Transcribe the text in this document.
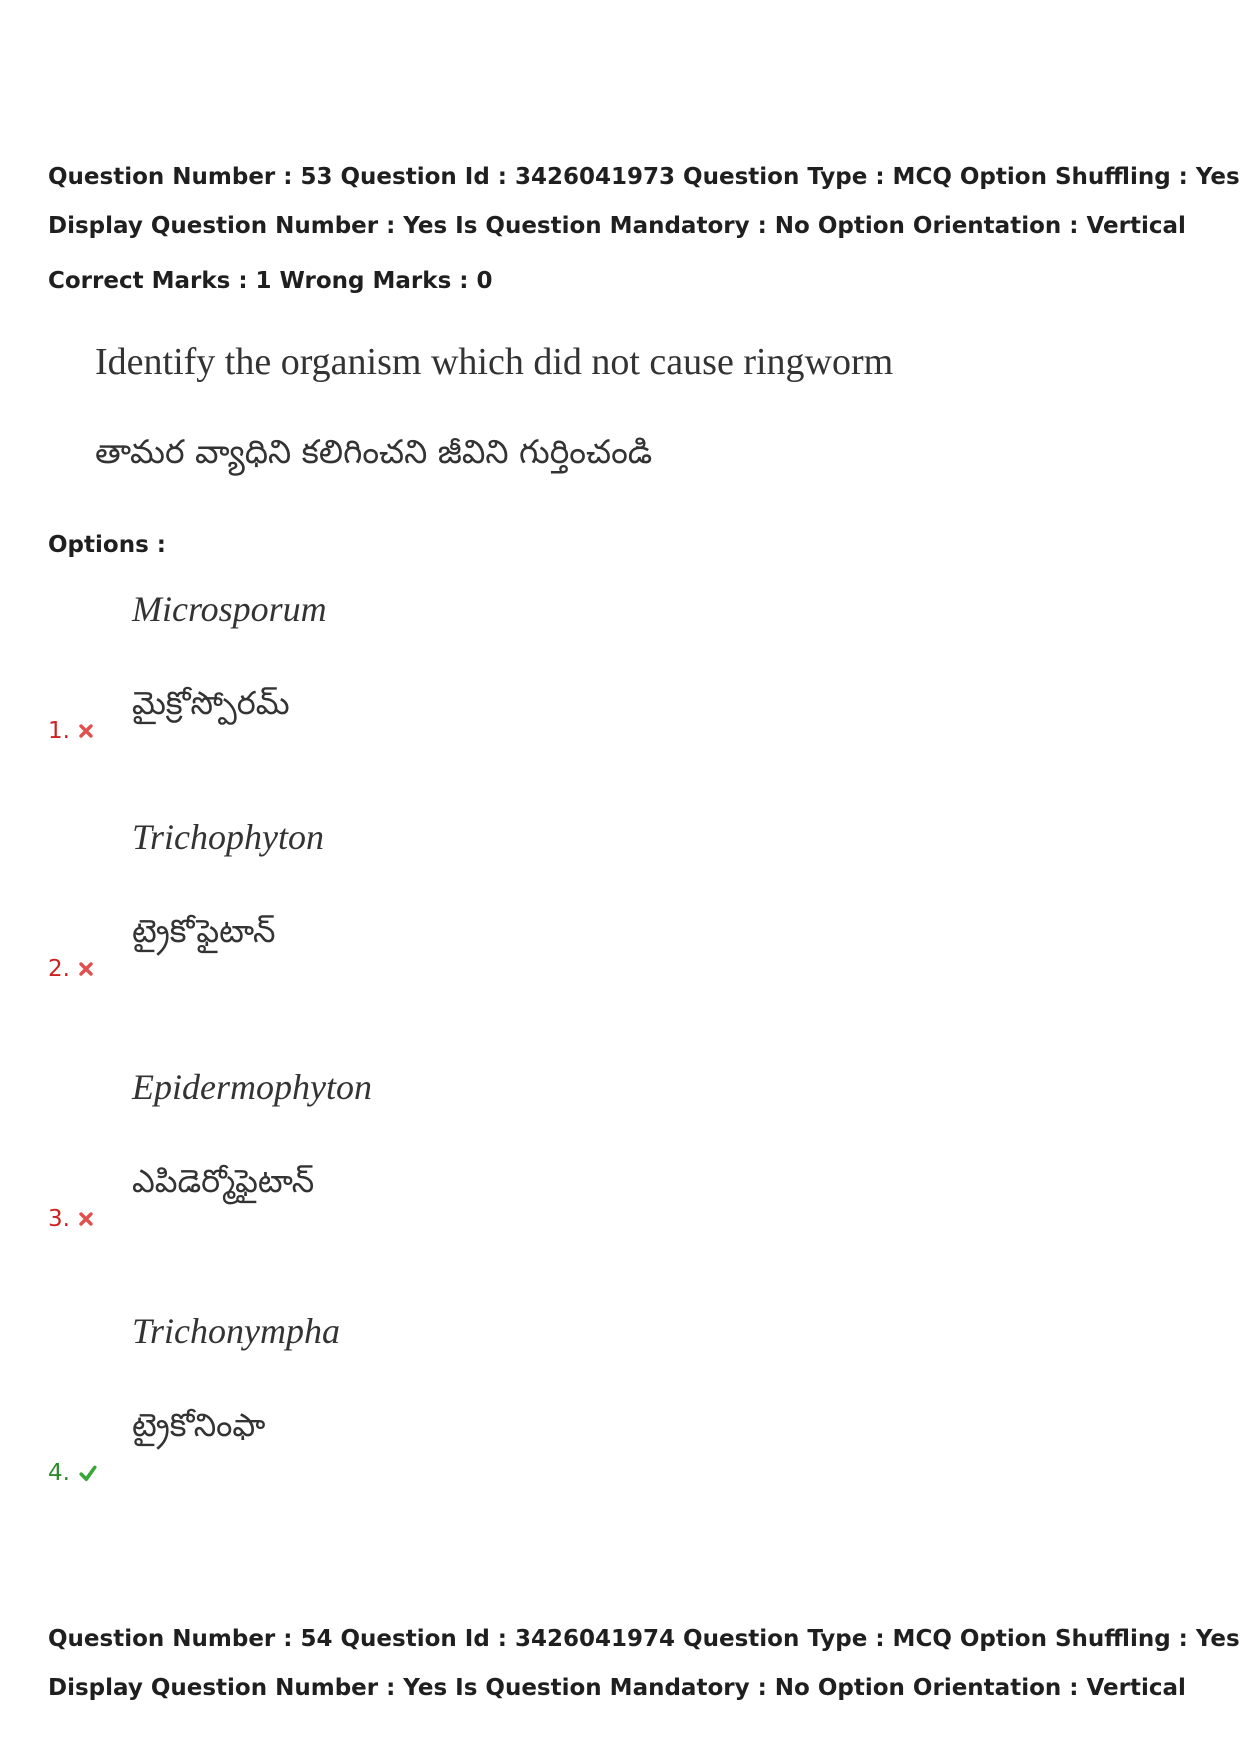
Question Number : 53 Question Id : 3426041973 Question Type : MCQ Option Shuffling : Yes

Display Question Number : Yes Is Question Mandatory : No Option Orientation : Vertical

Correct Marks : 1 Wrong Marks : 0

Identify the organism which did not cause ringworm

తామర వ్యాధిని కలిగించని జీవిని గుర్తించండి

Options :

Microsporum

మైక్రోస్పోరమ్

1.

Trichophyton

ట్రైకోఫైటాన్

2.

Epidermophyton

ఎపిడెర్మోఫైటాన్

3.

Trichonympha

ట్రైకోనింఫా

4.

Question Number : 54 Question Id : 3426041974 Question Type : MCQ Option Shuffling : Yes

Display Question Number : Yes Is Question Mandatory : No Option Orientation : Vertical
